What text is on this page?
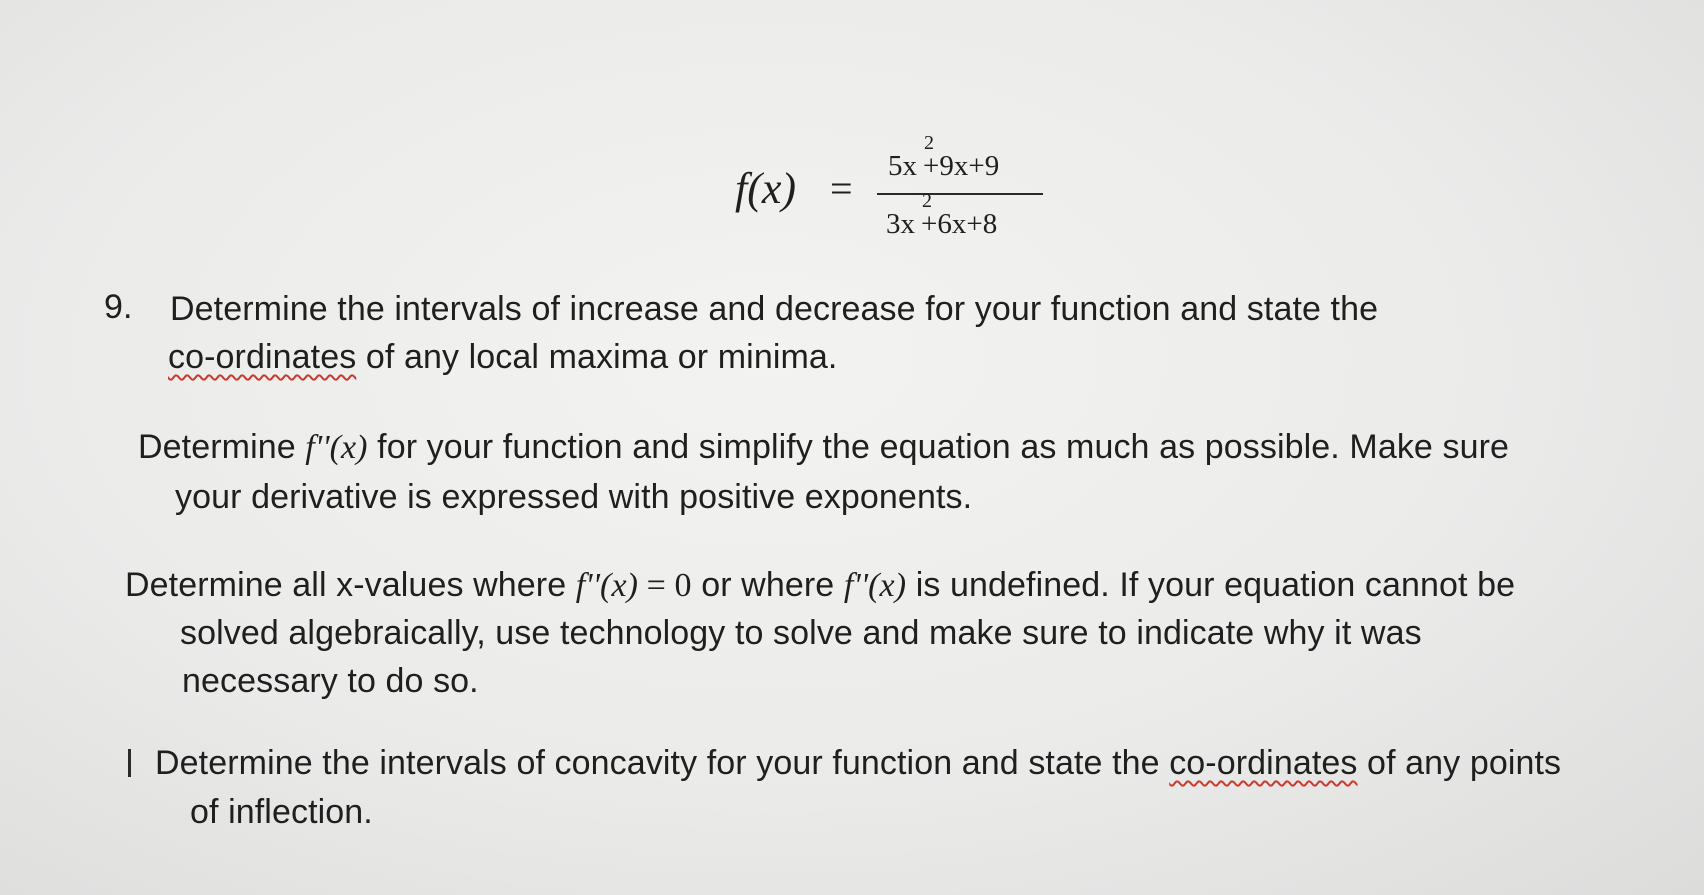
f(x) = 5x
2
+9x+9
3x
2
+6x+8
9. Determine the intervals of increase and decrease for your function and state the
co-ordinates of any local maxima or minima.
Determine f''(x) for your function and simplify the equation as much as possible. Make sure
your derivative is expressed with positive exponents.
Determine all x-values where f''(x) = 0 or where f''(x) is undefined. If your equation cannot be
solved algebraically, use technology to solve and make sure to indicate why it was
necessary to do so.
Determine the intervals of concavity for your function and state the co-ordinates of any points
of inflection.
